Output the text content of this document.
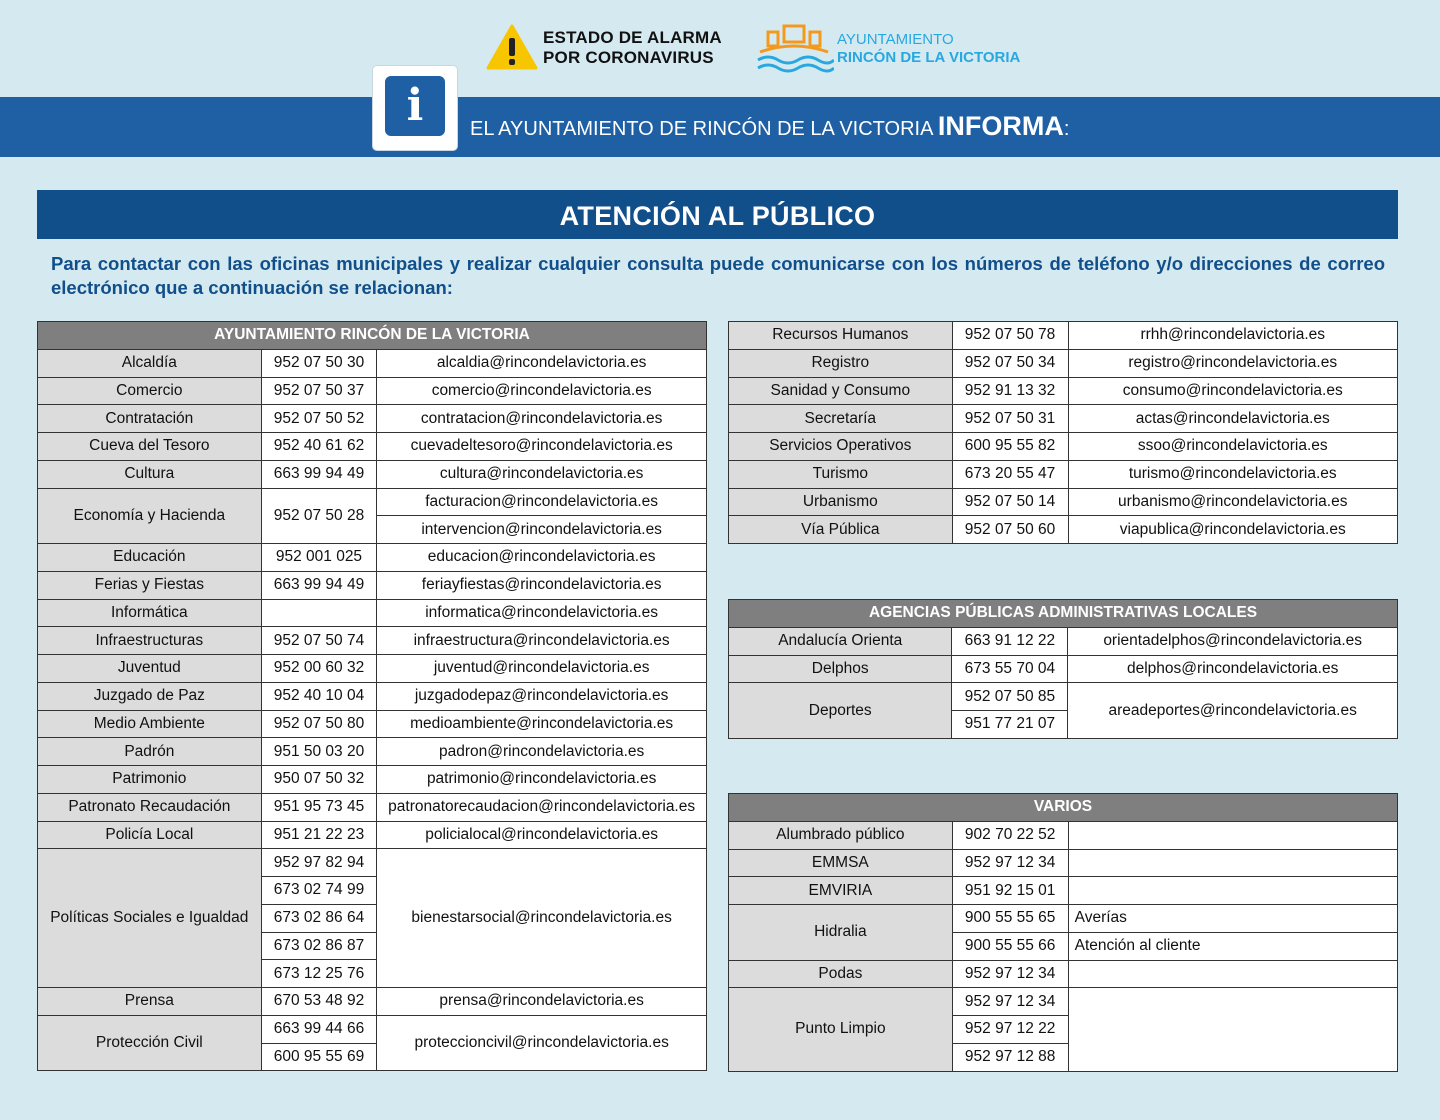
ESTADO DE ALARMA
POR CORONAVIRUS
AYUNTAMIENTO
RINCÓN DE LA VICTORIA
i	EL AYUNTAMIENTO DE RINCÓN DE LA VICTORIA INFORMA:
ATENCIÓN AL PÚBLICO
Para contactar con las oficinas municipales y realizar cualquier consulta puede comunicarse con los números de teléfono y/o direcciones de correo electrónico que a continuación se relacionan:
AYUNTAMIENTO RINCÓN DE LA VICTORIA		
Alcaldía	952 07 50 30	alcaldia@rincondelavictoria.es
Comercio	952 07 50 37	comercio@rincondelavictoria.es
Contratación	952 07 50 52	contratacion@rincondelavictoria.es
Cueva del Tesoro	952 40 61 62	cuevadeltesoro@rincondelavictoria.es
Cultura	663 99 94 49	cultura@rincondelavictoria.es
Economía y Hacienda	952 07 50 28	facturacion@rincondelavictoria.es
		intervencion@rincondelavictoria.es
Educación	952 001 025	educacion@rincondelavictoria.es
Ferias y Fiestas	663 99 94 49	feriayfiestas@rincondelavictoria.es
Informática		informatica@rincondelavictoria.es
Infraestructuras	952 07 50 74	infraestructura@rincondelavictoria.es
Juventud	952 00 60 32	juventud@rincondelavictoria.es
Juzgado de Paz	952 40 10 04	juzgadodepaz@rincondelavictoria.es
Medio Ambiente	952 07 50 80	medioambiente@rincondelavictoria.es
Padrón	951 50 03 20	padron@rincondelavictoria.es
Patrimonio	950 07 50 32	patrimonio@rincondelavictoria.es
Patronato Recaudación	951 95 73 45	patronatorecaudacion@rincondelavictoria.es
Policía Local	951 21 22 23	policialocal@rincondelavictoria.es
Políticas Sociales e Igualdad	952 97 82 94	bienestarsocial@rincondelavictoria.es
	673 02 74 99	
	673 02 86 64	
	673 02 86 87	
	673 12 25 76	
Prensa	670 53 48 92	prensa@rincondelavictoria.es
Protección Civil	663 99 44 66	proteccioncivil@rincondelavictoria.es
	600 95 55 69	
Recursos Humanos	952 07 50 78	rrhh@rincondelavictoria.es
Registro	952 07 50 34	registro@rincondelavictoria.es
Sanidad y Consumo	952 91 13 32	consumo@rincondelavictoria.es
Secretaría	952 07 50 31	actas@rincondelavictoria.es
Servicios Operativos	600 95 55 82	ssoo@rincondelavictoria.es
Turismo	673 20 55 47	turismo@rincondelavictoria.es
Urbanismo	952 07 50 14	urbanismo@rincondelavictoria.es
Vía Pública	952 07 50 60	viapublica@rincondelavictoria.es
AGENCIAS PÚBLICAS ADMINISTRATIVAS LOCALES		
Andalucía Orienta	663 91 12 22	orientadelphos@rincondelavictoria.es
Delphos	673 55 70 04	delphos@rincondelavictoria.es
Deportes	952 07 50 85	areadeportes@rincondelavictoria.es
	951 77 21 07	
VARIOS		
Alumbrado público	902 70 22 52	
EMMSA	952 97 12 34	
EMVIRIA	951 92 15 01	
Hidralia	900 55 55 65	Averías
	900 55 55 66	Atención al cliente
Podas	952 97 12 34	
Punto Limpio	952 97 12 34	
	952 97 12 22	
	952 97 12 88	
